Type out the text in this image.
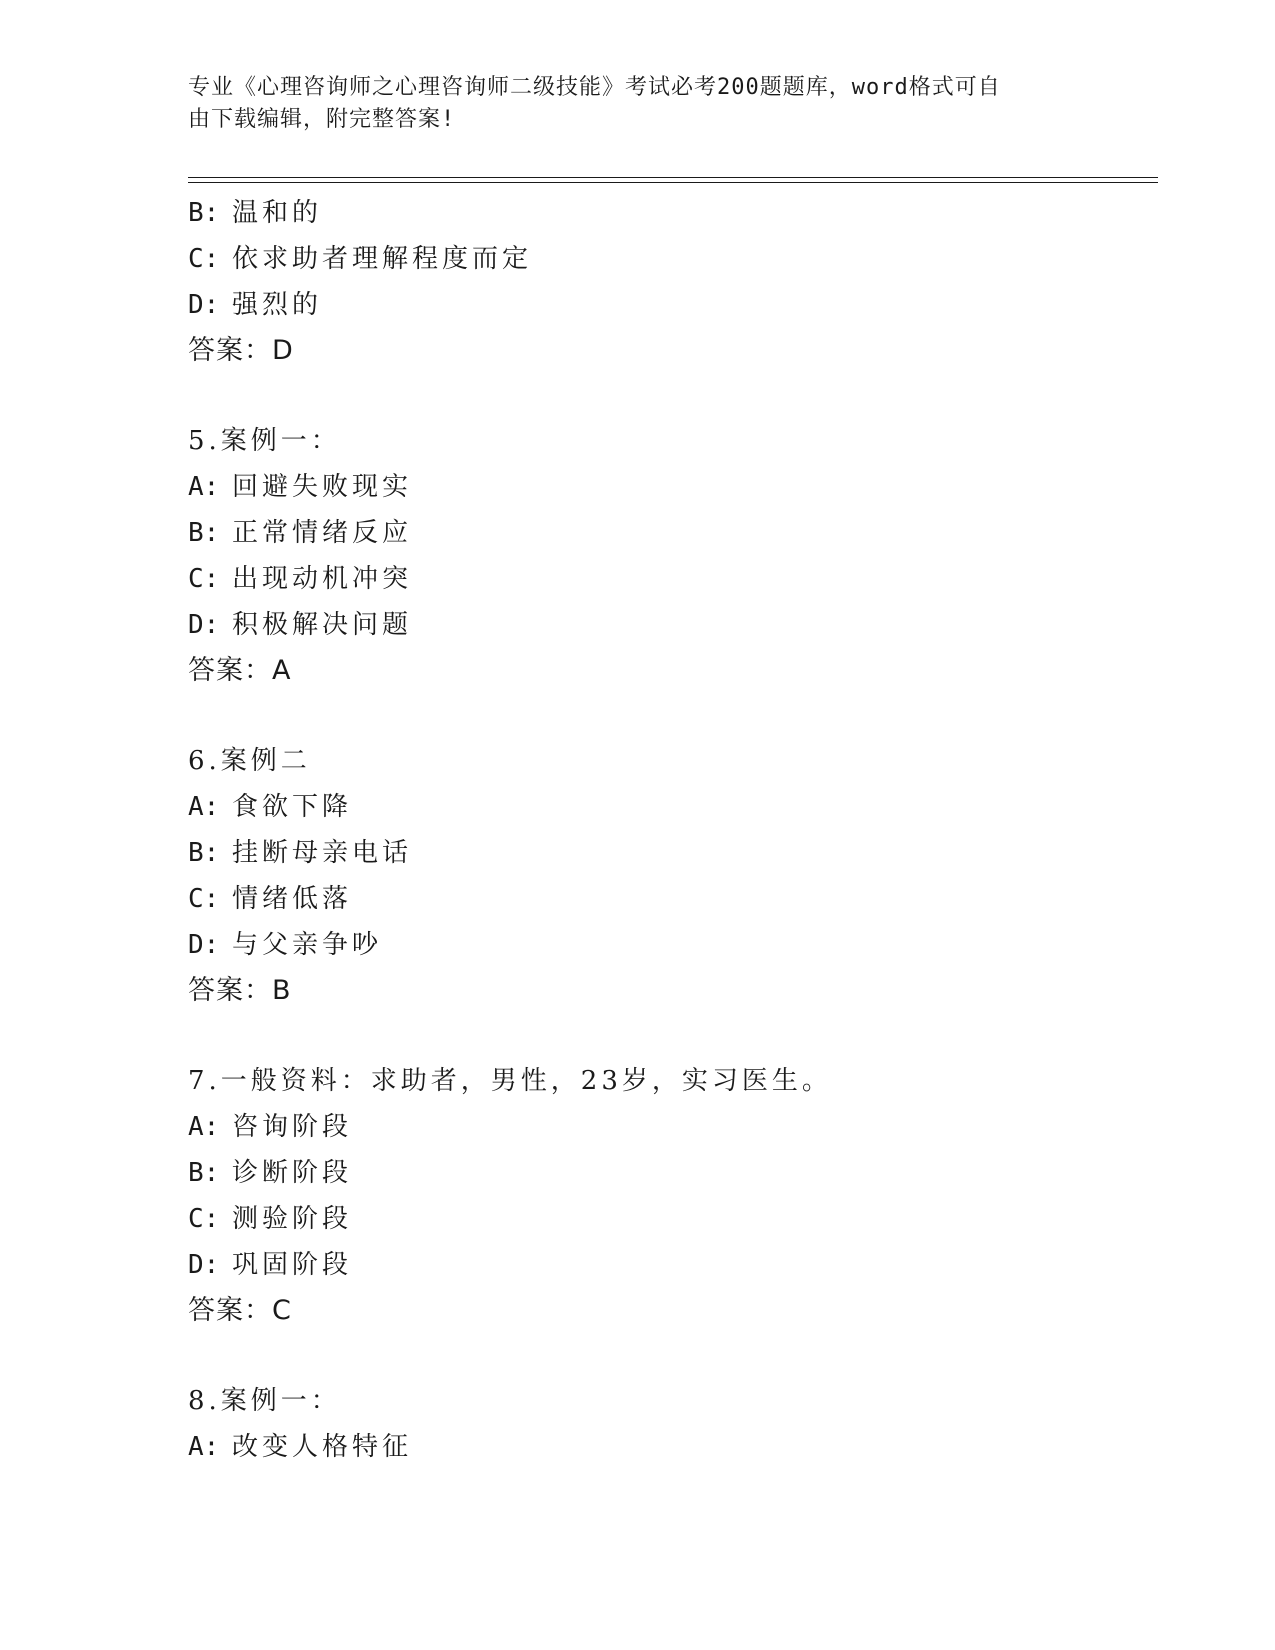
专业《心理咨询师之心理咨询师二级技能》考试必考200题题库，word格式可自
由下载编辑，附完整答案!
B: 温和的
C: 依求助者理解程度而定
D: 强烈的
答案：D
5.案例一：
A: 回避失败现实
B: 正常情绪反应
C: 出现动机冲突
D: 积极解决问题
答案：A
6.案例二
A: 食欲下降
B: 挂断母亲电话
C: 情绪低落
D: 与父亲争吵
答案：B
7.一般资料：求助者，男性，23岁，实习医生。
A: 咨询阶段
B: 诊断阶段
C: 测验阶段
D: 巩固阶段
答案：C
8.案例一：
A: 改变人格特征
